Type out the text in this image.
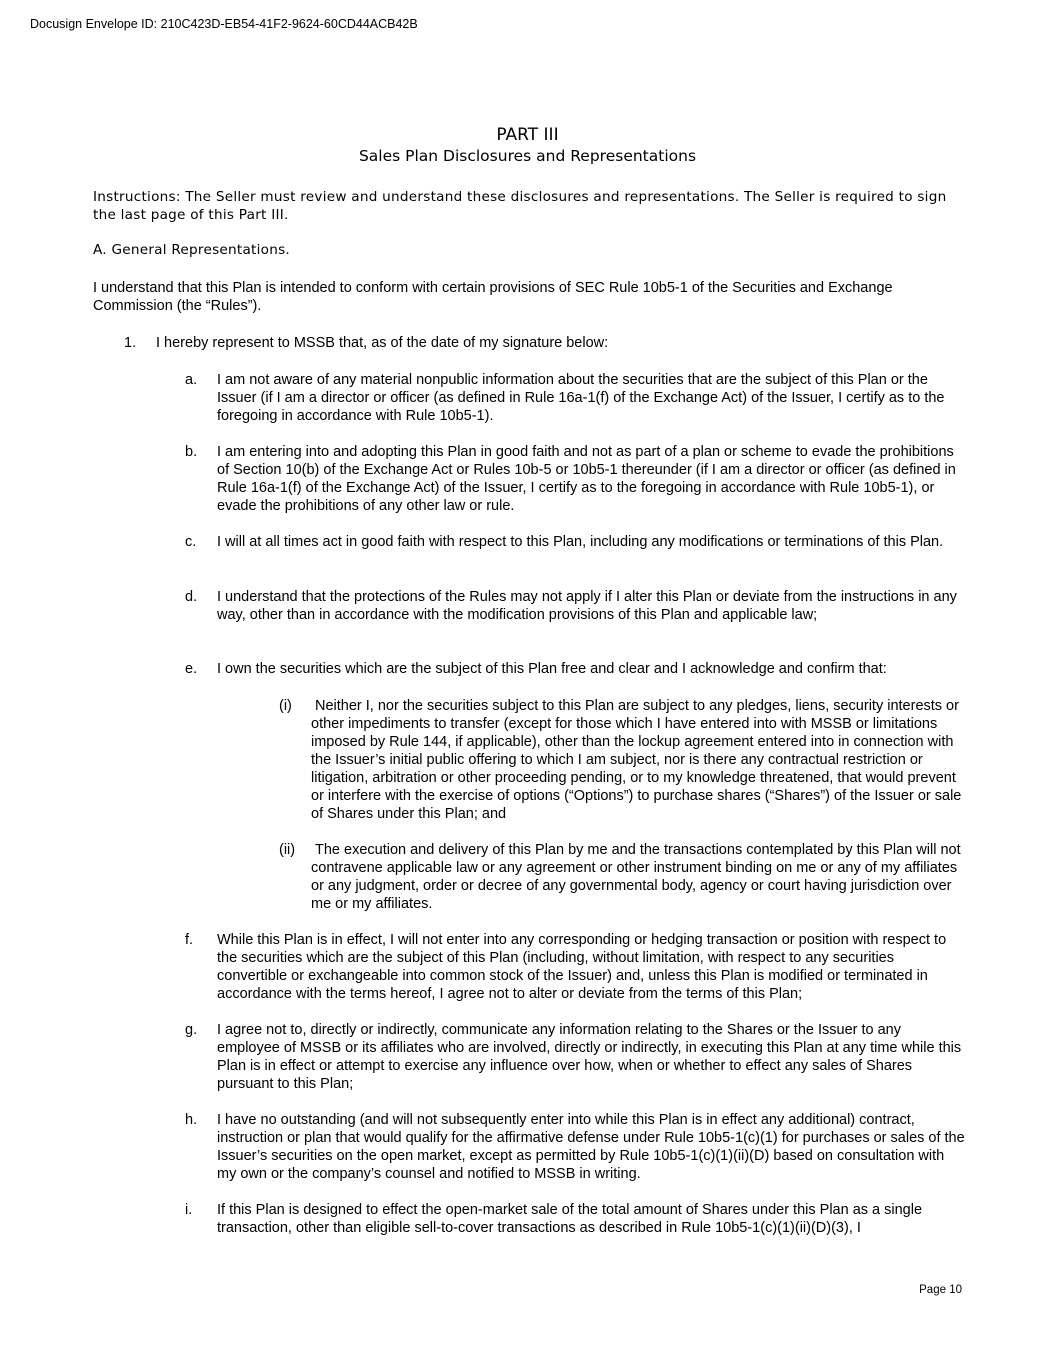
Docusign Envelope ID: 210C423D-EB54-41F2-9624-60CD44ACB42B
PART III
Sales Plan Disclosures and Representations

Instructions: The Seller must review and understand these disclosures and representations. The Seller is required to sign the last page of this Part III.

A. General Representations.

I understand that this Plan is intended to conform with certain provisions of SEC Rule 10b5-1 of the Securities and Exchange Commission (the “Rules”).

1. I hereby represent to MSSB that, as of the date of my signature below:
a. I am not aware of any material nonpublic information about the securities that are the subject of this Plan or the Issuer (if I am a director or officer (as defined in Rule 16a-1(f) of the Exchange Act) of the Issuer, I certify as to the foregoing in accordance with Rule 10b5-1).
b. I am entering into and adopting this Plan in good faith and not as part of a plan or scheme to evade the prohibitions of Section 10(b) of the Exchange Act or Rules 10b-5 or 10b5-1 thereunder (if I am a director or officer (as defined in Rule 16a-1(f) of the Exchange Act) of the Issuer, I certify as to the foregoing in accordance with Rule 10b5-1), or evade the prohibitions of any other law or rule.
c. I will at all times act in good faith with respect to this Plan, including any modifications or terminations of this Plan.
d. I understand that the protections of the Rules may not apply if I alter this Plan or deviate from the instructions in any way, other than in accordance with the modification provisions of this Plan and applicable law;
e. I own the securities which are the subject of this Plan free and clear and I acknowledge and confirm that:
(i) Neither I, nor the securities subject to this Plan are subject to any pledges, liens, security interests or other impediments to transfer (except for those which I have entered into with MSSB or limitations imposed by Rule 144, if applicable), other than the lockup agreement entered into in connection with the Issuer’s initial public offering to which I am subject, nor is there any contractual restriction or litigation, arbitration or other proceeding pending, or to my knowledge threatened, that would prevent or interfere with the exercise of options (“Options”) to purchase shares (“Shares”) of the Issuer or sale of Shares under this Plan; and
(ii) The execution and delivery of this Plan by me and the transactions contemplated by this Plan will not contravene applicable law or any agreement or other instrument binding on me or any of my affiliates or any judgment, order or decree of any governmental body, agency or court having jurisdiction over me or my affiliates.
f. While this Plan is in effect, I will not enter into any corresponding or hedging transaction or position with respect to the securities which are the subject of this Plan (including, without limitation, with respect to any securities convertible or exchangeable into common stock of the Issuer) and, unless this Plan is modified or terminated in accordance with the terms hereof, I agree not to alter or deviate from the terms of this Plan;
g. I agree not to, directly or indirectly, communicate any information relating to the Shares or the Issuer to any employee of MSSB or its affiliates who are involved, directly or indirectly, in executing this Plan at any time while this Plan is in effect or attempt to exercise any influence over how, when or whether to effect any sales of Shares pursuant to this Plan;
h. I have no outstanding (and will not subsequently enter into while this Plan is in effect any additional) contract, instruction or plan that would qualify for the affirmative defense under Rule 10b5-1(c)(1) for purchases or sales of the Issuer’s securities on the open market, except as permitted by Rule 10b5-1(c)(1)(ii)(D) based on consultation with my own or the company’s counsel and notified to MSSB in writing.
i. If this Plan is designed to effect the open-market sale of the total amount of Shares under this Plan as a single transaction, other than eligible sell-to-cover transactions as described in Rule 10b5-1(c)(1)(ii)(D)(3), I
Page 10
